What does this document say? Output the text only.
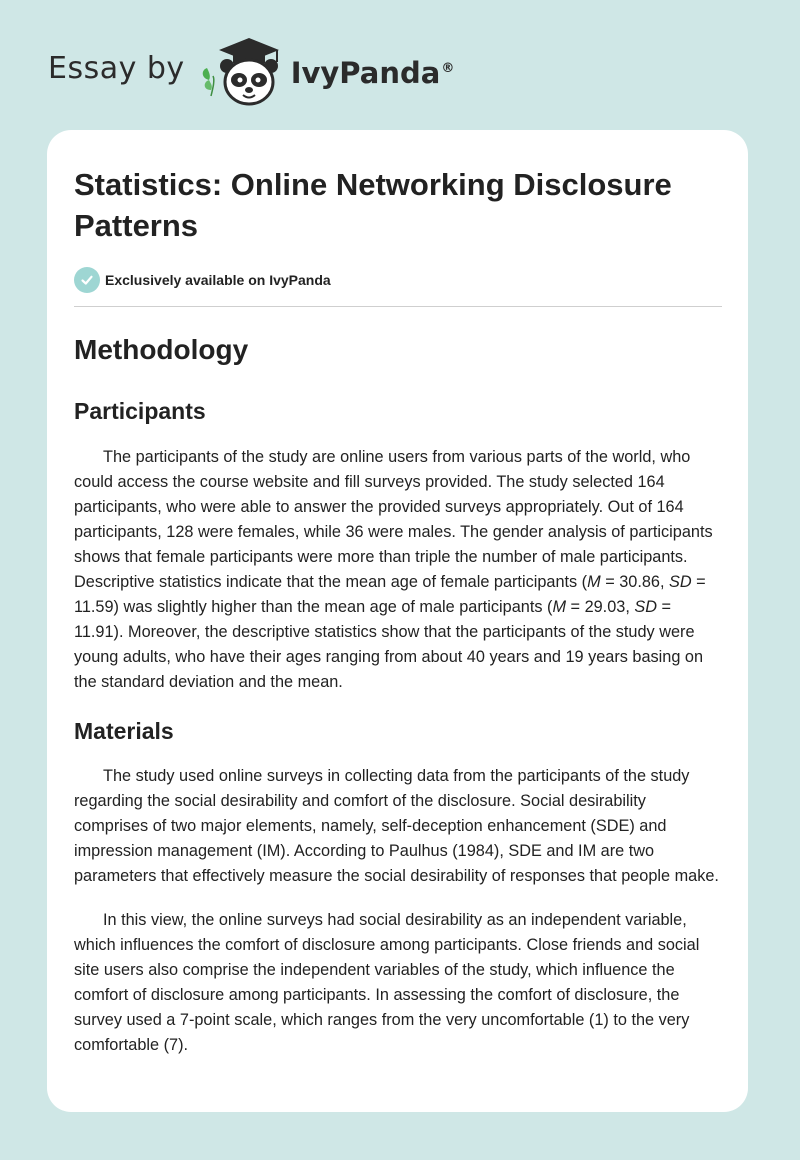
Essay by	IvyPanda®
Statistics: Online Networking Disclosure Patterns
Exclusively available on IvyPanda
Methodology
Participants

The participants of the study are online users from various parts of the world, who could access the course website and fill surveys provided. The study selected 164 participants, who were able to answer the provided surveys appropriately. Out of 164 participants, 128 were females, while 36 were males. The gender analysis of participants shows that female participants were more than triple the number of male participants. Descriptive statistics indicate that the mean age of female participants (M = 30.86, SD = 11.59) was slightly higher than the mean age of male participants (M = 29.03, SD = 11.91). Moreover, the descriptive statistics show that the participants of the study were young adults, who have their ages ranging from about 40 years and 19 years basing on the standard deviation and the mean.

Materials

The study used online surveys in collecting data from the participants of the study regarding the social desirability and comfort of the disclosure. Social desirability comprises of two major elements, namely, self-deception enhancement (SDE) and impression management (IM). According to Paulhus (1984), SDE and IM are two parameters that effectively measure the social desirability of responses that people make.

In this view, the online surveys had social desirability as an independent variable, which influences the comfort of disclosure among participants. Close friends and social site users also comprise the independent variables of the study, which influence the comfort of disclosure among participants. In assessing the comfort of disclosure, the survey used a 7-point scale, which ranges from the very uncomfortable (1) to the very comfortable (7).
